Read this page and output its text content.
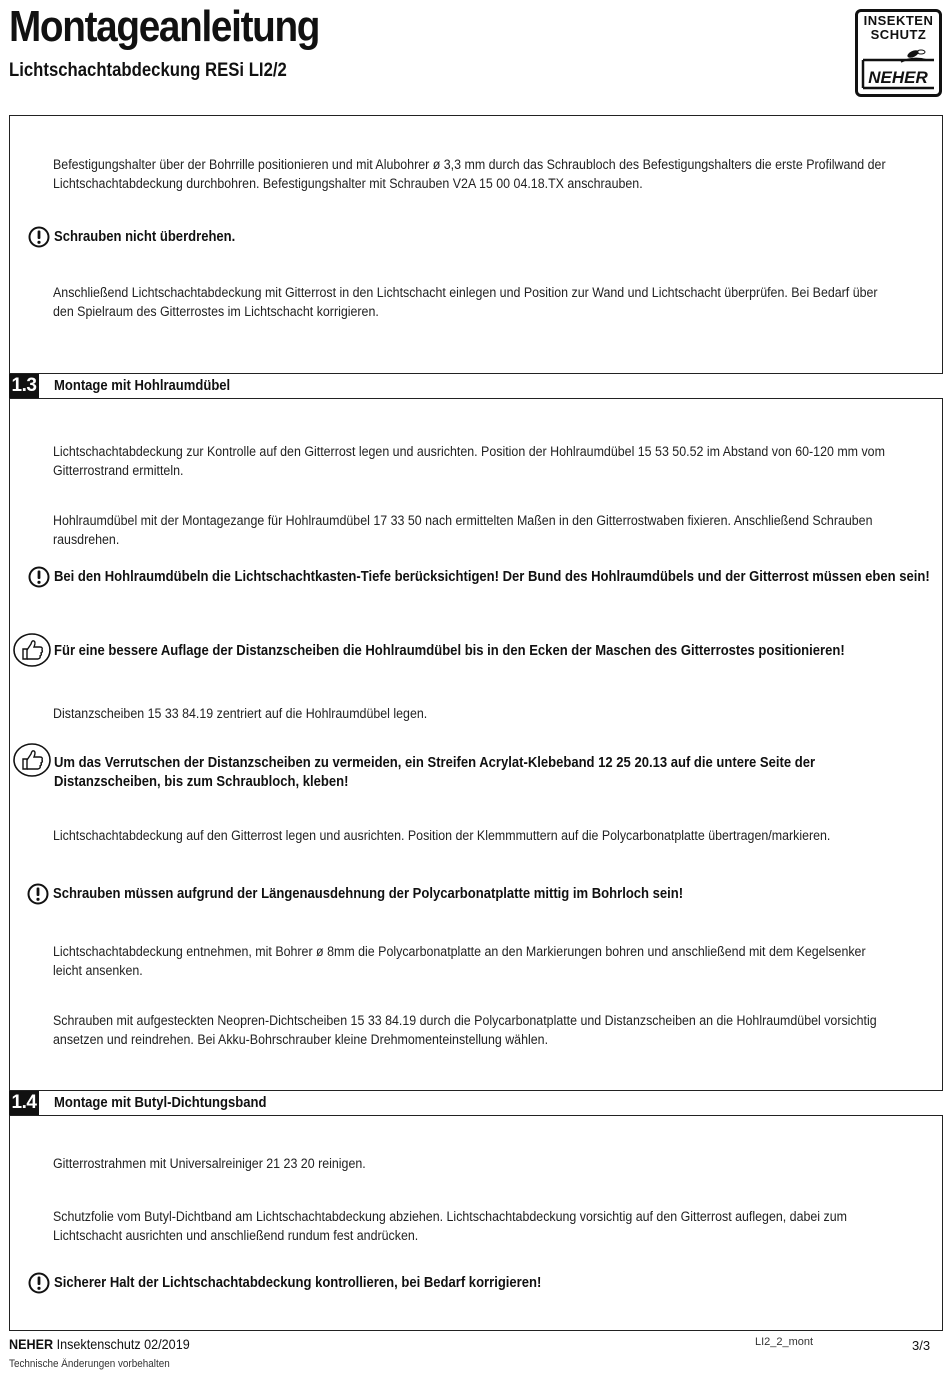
Montageanleitung
Lichtschachtabdeckung RESi LI2/2
INSEKTEN
SCHUTZ
NEHER
Befestigungshalter über der Bohrrille positionieren und mit Alubohrer ø 3,3 mm durch das Schraubloch des Befestigungshalters die erste Profilwand der Lichtschachtabdeckung durchbohren. Befestigungshalter mit Schrauben V2A 15 00 04.18.TX anschrauben.
Schrauben nicht überdrehen.
Anschließend Lichtschachtabdeckung mit Gitterrost in den Lichtschacht einlegen und Position zur Wand und Lichtschacht überprüfen. Bei Bedarf über den Spielraum des Gitterrostes im Lichtschacht korrigieren.
1.3 Montage mit Hohlraumdübel
Lichtschachtabdeckung zur Kontrolle auf den Gitterrost legen und ausrichten. Position der Hohlraumdübel 15 53 50.52 im Abstand von 60-120 mm vom Gitterrostrand ermitteln.
Hohlraumdübel mit der Montagezange für Hohlraumdübel 17 33 50 nach ermittelten Maßen in den Gitterrostwaben fixieren. Anschließend Schrauben rausdrehen.
Bei den Hohlraumdübeln die Lichtschachtkasten-Tiefe berücksichtigen! Der Bund des Hohlraumdübels und der Gitterrost müssen eben sein!
Für eine bessere Auflage der Distanzscheiben die Hohlraumdübel bis in den Ecken der Maschen des Gitterrostes positionieren!
Distanzscheiben 15 33 84.19 zentriert auf die Hohlraumdübel legen.
Um das Verrutschen der Distanzscheiben zu vermeiden, ein Streifen Acrylat-Klebeband 12 25 20.13 auf die untere Seite der Distanzscheiben, bis zum Schraubloch, kleben!
Lichtschachtabdeckung auf den Gitterrost legen und ausrichten. Position der Klemmmuttern auf die Polycarbonatplatte übertragen/markieren.
Schrauben müssen aufgrund der Längenausdehnung der Polycarbonatplatte mittig im Bohrloch sein!
Lichtschachtabdeckung entnehmen, mit Bohrer ø 8mm die Polycarbonatplatte an den Markierungen bohren und anschließend mit dem Kegelsenker leicht ansenken.
Schrauben mit aufgesteckten Neopren-Dichtscheiben 15 33 84.19 durch die Polycarbonatplatte und Distanzscheiben an die Hohlraumdübel vorsichtig ansetzen und reindrehen. Bei Akku-Bohrschrauber kleine Drehmomenteinstellung wählen.
1.4 Montage mit Butyl-Dichtungsband
Gitterrostrahmen mit Universalreiniger 21 23 20 reinigen.
Schutzfolie vom Butyl-Dichtband am Lichtschachtabdeckung abziehen. Lichtschachtabdeckung vorsichtig auf den Gitterrost auflegen, dabei zum Lichtschacht ausrichten und anschließend rundum fest andrücken.
Sicherer Halt der Lichtschachtabdeckung kontrollieren, bei Bedarf korrigieren!
NEHER Insektenschutz 02/2019
Technische Änderungen vorbehalten
LI2_2_mont	3/3
